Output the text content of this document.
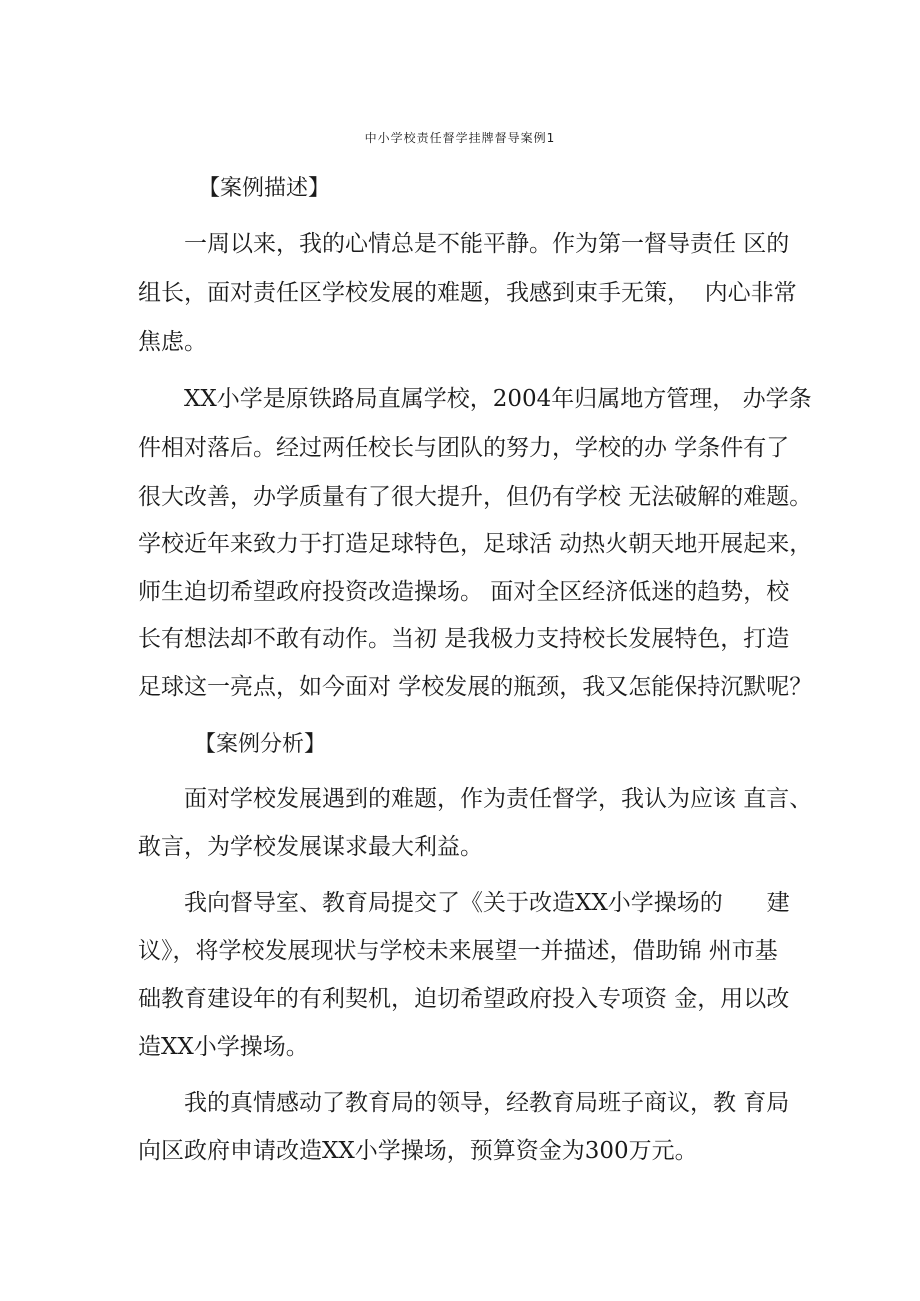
中小学校责任督学挂牌督导案例1
【案例描述】
一周以来，我的心情总是不能平静。作为第一督导责任 区的
组长，面对责任区学校发展的难题，我感到束手无策，  内心非常
焦虑。
XX小学是原铁路局直属学校，2004年归属地方管理， 办学条
件相对落后。经过两任校长与团队的努力，学校的办 学条件有了
很大改善，办学质量有了很大提升，但仍有学校 无法破解的难题。
学校近年来致力于打造足球特色，足球活 动热火朝天地开展起来，
师生迫切希望政府投资改造操场。 面对全区经济低迷的趋势，校
长有想法却不敢有动作。当初 是我极力支持校长发展特色，打造
足球这一亮点，如今面对 学校发展的瓶颈，我又怎能保持沉默呢？
【案例分析】
面对学校发展遇到的难题，作为责任督学，我认为应该 直言、
敢言，为学校发展谋求最大利益。
我向督导室、教育局提交了《关于改造XX小学操场的      建
议》，将学校发展现状与学校未来展望一并描述，借助锦 州市基
础教育建设年的有利契机，迫切希望政府投入专项资 金，用以改
造XX小学操场。
我的真情感动了教育局的领导，经教育局班子商议，教 育局
向区政府申请改造XX小学操场，预算资金为300万元。
